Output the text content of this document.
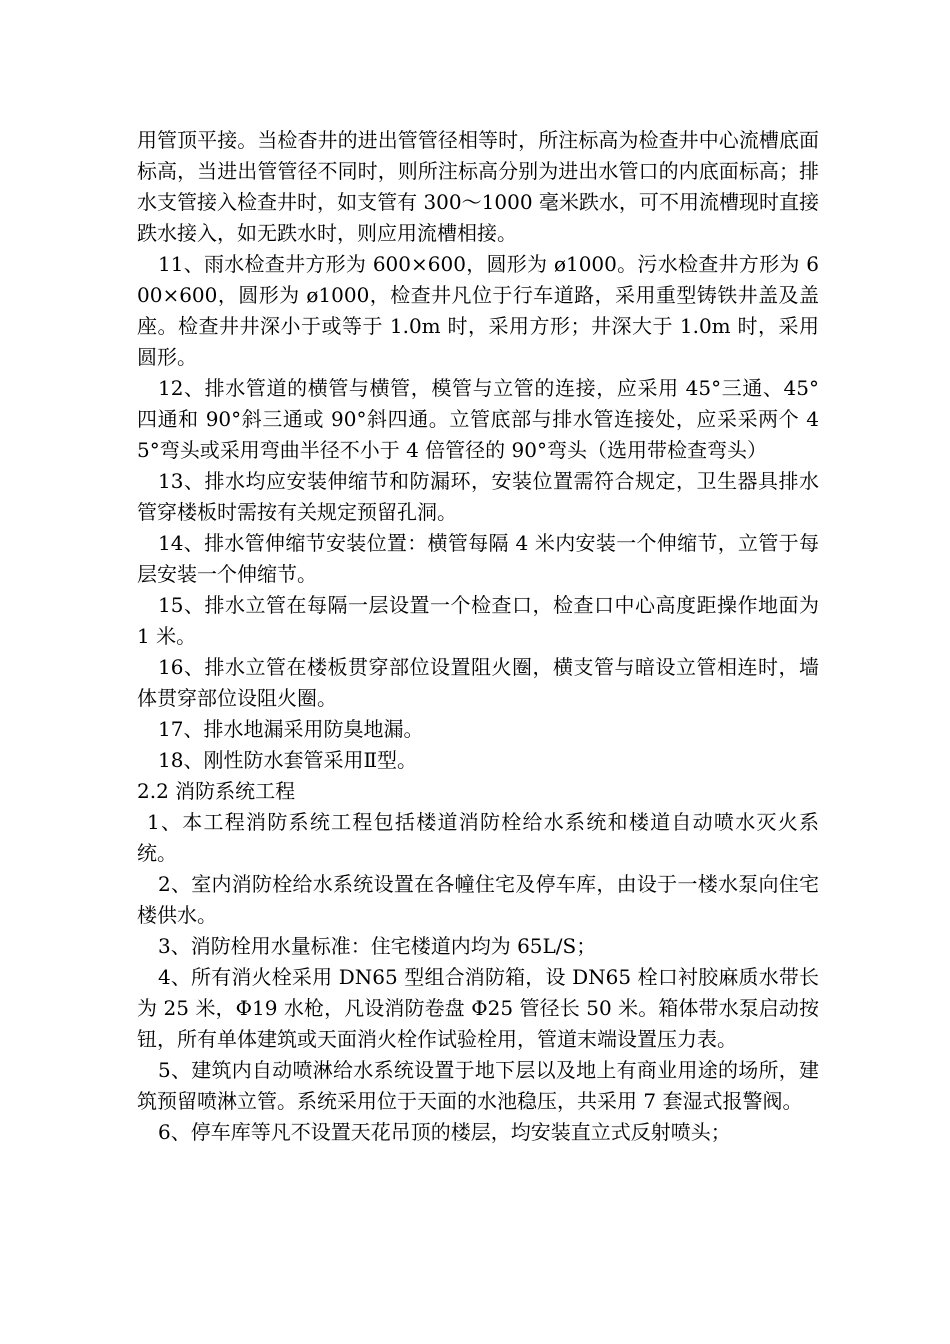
用管顶平接。当检杳井的进出管管径相等时，所注标高为检查井中心流槽底面标高，当进出管管径不同时，则所注标高分别为进出水管口的内底面标高；排水支管接入检查井时，如支管有 300～1000 毫米跌水，可不用流槽现时直接跌水接入，如无跌水时，则应用流槽相接。

11、雨水检查井方形为 600×600，圆形为 ø1000。污水检查井方形为 600×600，圆形为 ø1000，检查井凡位于行车道路，采用重型铸铁井盖及盖座。检查井井深小于或等于 1.0m 时，采用方形；井深大于 1.0m 时，采用圆形。

12、排水管道的横管与横管，模管与立管的连接，应采用 45°三通、45°四通和 90°斜三通或 90°斜四通。立管底部与排水管连接处，应采采两个 45°弯头或采用弯曲半径不小于 4 倍管径的 90°弯头（选用带检查弯头）

13、排水均应安装伸缩节和防漏环，安装位置需符合规定，卫生器具排水管穿楼板时需按有关规定预留孔洞。

14、排水管伸缩节安装位置：横管每隔 4 米内安装一个伸缩节，立管于每层安装一个伸缩节。

15、排水立管在每隔一层设置一个检查口，检查口中心高度距操作地面为 1 米。

16、排水立管在楼板贯穿部位设置阻火圈，横支管与暗设立管相连时，墙体贯穿部位设阻火圈。

17、排水地漏采用防臭地漏。

18、刚性防水套管采用Ⅱ型。

2.2 消防系统工程

1、本工程消防系统工程包括楼道消防栓给水系统和楼道自动喷水灭火系统。

2、室内消防栓给水系统设置在各幢住宅及停车库，由设于一楼水泵向住宅楼供水。

3、消防栓用水量标准：住宅楼道内均为 65L/S；

4、所有消火栓采用 DN65 型组合消防箱，设 DN65 栓口衬胶麻质水带长为 25 米，Φ19 水枪，凡设消防卷盘 Φ25 管径长 50 米。箱体带水泵启动按钮，所有单体建筑或天面消火栓作试验栓用，管道末端设置压力表。

5、建筑内自动喷淋给水系统设置于地下层以及地上有商业用途的场所，建筑预留喷淋立管。系统采用位于天面的水池稳压，共采用 7 套湿式报警阀。

6、停车库等凡不设置天花吊顶的楼层，均安装直立式反射喷头；
